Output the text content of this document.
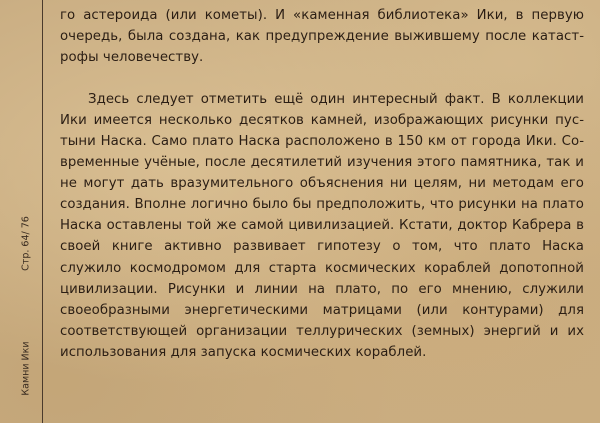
Стр. 64/ 76
Камни Ики

го астероида (или кометы). И «каменная библиотека» Ики, в первую очередь, была создана, как предупреждение выжившему после катастрофы человечеству.

Здесь следует отметить ещё один интересный факт. В коллекции Ики имеется несколько десятков камней, изображающих рисунки пустыни Наска. Само плато Наска расположено в 150 км от города Ики. Современные учёные, после десятилетий изучения этого памятника, так и не могут дать вразумительного объяснения ни целям, ни методам его создания. Вполне логично было бы предположить, что рисунки на плато Наска оставлены той же самой цивилизацией. Кстати, доктор Кабрера в своей книге активно развивает гипотезу о том, что плато Наска служило космодромом для старта космических кораблей допотопной цивилизации. Рисунки и линии на плато, по его мнению, служили своеобразными энергетическими матрицами (или контурами) для соответствующей организации теллурических (земных) энергий и их использования для запуска космических кораблей.
